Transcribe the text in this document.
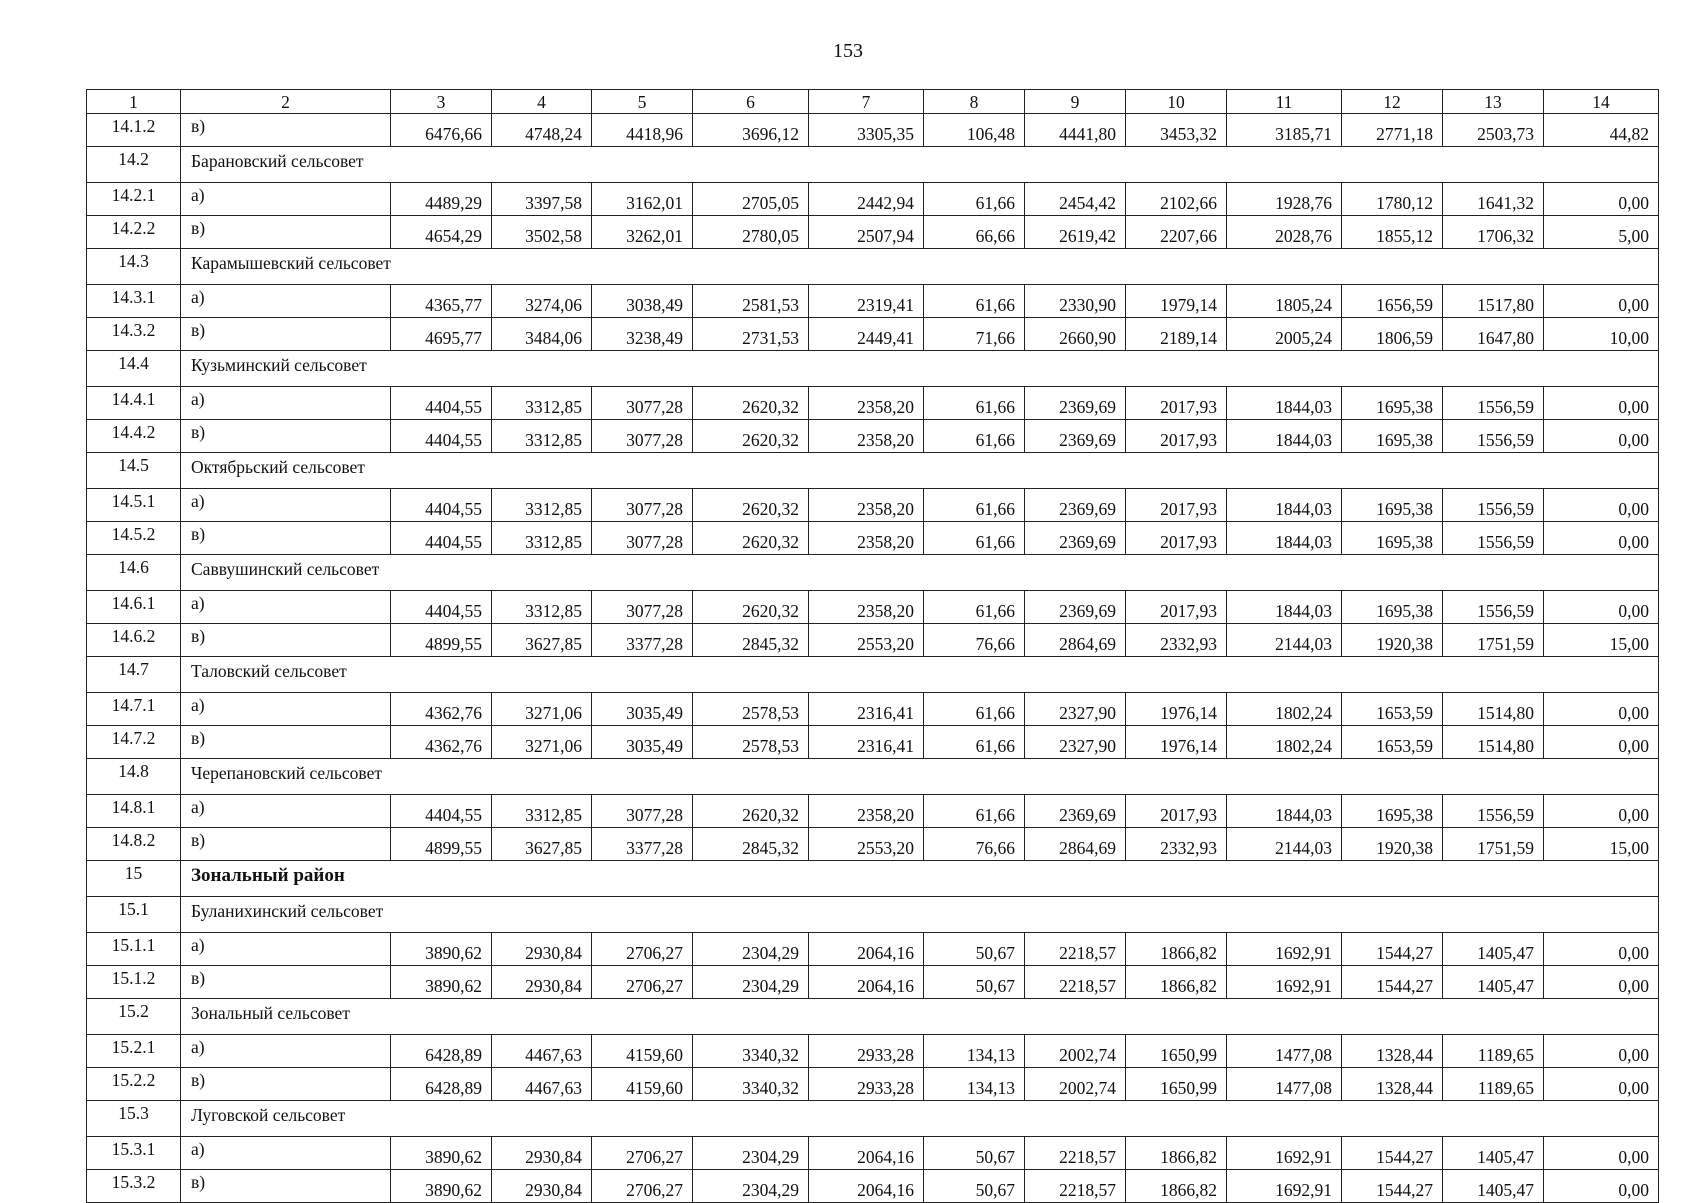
153
1	2	3	4	5	6	7	8	9	10	11	12	13	14
14.1.2	в)	6476,66	4748,24	4418,96	3696,12	3305,35	106,48	4441,80	3453,32	3185,71	2771,18	2503,73	44,82
14.2	Барановский сельсовет												
14.2.1	а)	4489,29	3397,58	3162,01	2705,05	2442,94	61,66	2454,42	2102,66	1928,76	1780,12	1641,32	0,00
14.2.2	в)	4654,29	3502,58	3262,01	2780,05	2507,94	66,66	2619,42	2207,66	2028,76	1855,12	1706,32	5,00
14.3	Карамышевский сельсовет												
14.3.1	а)	4365,77	3274,06	3038,49	2581,53	2319,41	61,66	2330,90	1979,14	1805,24	1656,59	1517,80	0,00
14.3.2	в)	4695,77	3484,06	3238,49	2731,53	2449,41	71,66	2660,90	2189,14	2005,24	1806,59	1647,80	10,00
14.4	Кузьминский сельсовет												
14.4.1	а)	4404,55	3312,85	3077,28	2620,32	2358,20	61,66	2369,69	2017,93	1844,03	1695,38	1556,59	0,00
14.4.2	в)	4404,55	3312,85	3077,28	2620,32	2358,20	61,66	2369,69	2017,93	1844,03	1695,38	1556,59	0,00
14.5	Октябрьский сельсовет												
14.5.1	а)	4404,55	3312,85	3077,28	2620,32	2358,20	61,66	2369,69	2017,93	1844,03	1695,38	1556,59	0,00
14.5.2	в)	4404,55	3312,85	3077,28	2620,32	2358,20	61,66	2369,69	2017,93	1844,03	1695,38	1556,59	0,00
14.6	Саввушинский сельсовет												
14.6.1	а)	4404,55	3312,85	3077,28	2620,32	2358,20	61,66	2369,69	2017,93	1844,03	1695,38	1556,59	0,00
14.6.2	в)	4899,55	3627,85	3377,28	2845,32	2553,20	76,66	2864,69	2332,93	2144,03	1920,38	1751,59	15,00
14.7	Таловский сельсовет												
14.7.1	а)	4362,76	3271,06	3035,49	2578,53	2316,41	61,66	2327,90	1976,14	1802,24	1653,59	1514,80	0,00
14.7.2	в)	4362,76	3271,06	3035,49	2578,53	2316,41	61,66	2327,90	1976,14	1802,24	1653,59	1514,80	0,00
14.8	Черепановский сельсовет												
14.8.1	а)	4404,55	3312,85	3077,28	2620,32	2358,20	61,66	2369,69	2017,93	1844,03	1695,38	1556,59	0,00
14.8.2	в)	4899,55	3627,85	3377,28	2845,32	2553,20	76,66	2864,69	2332,93	2144,03	1920,38	1751,59	15,00
15	Зональный район												
15.1	Буланихинский сельсовет												
15.1.1	а)	3890,62	2930,84	2706,27	2304,29	2064,16	50,67	2218,57	1866,82	1692,91	1544,27	1405,47	0,00
15.1.2	в)	3890,62	2930,84	2706,27	2304,29	2064,16	50,67	2218,57	1866,82	1692,91	1544,27	1405,47	0,00
15.2	Зональный сельсовет												
15.2.1	а)	6428,89	4467,63	4159,60	3340,32	2933,28	134,13	2002,74	1650,99	1477,08	1328,44	1189,65	0,00
15.2.2	в)	6428,89	4467,63	4159,60	3340,32	2933,28	134,13	2002,74	1650,99	1477,08	1328,44	1189,65	0,00
15.3	Луговской сельсовет												
15.3.1	а)	3890,62	2930,84	2706,27	2304,29	2064,16	50,67	2218,57	1866,82	1692,91	1544,27	1405,47	0,00
15.3.2	в)	3890,62	2930,84	2706,27	2304,29	2064,16	50,67	2218,57	1866,82	1692,91	1544,27	1405,47	0,00
